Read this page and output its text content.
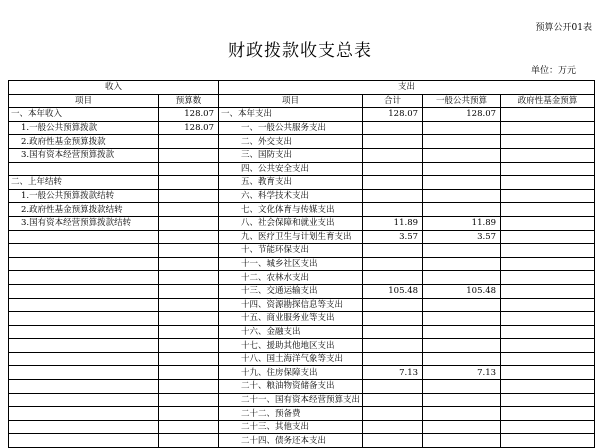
预算公开01表
财政拨款收支总表
单位：万元
收入		支出			
项目	预算数	项目	合计	一般公共预算	政府性基金预算
一、本年收入	128.07	一、本年支出	128.07	128.07	
1.一般公共预算拨款	128.07	一、一般公共服务支出			
2.政府性基金预算拨款		二、外交支出			
3.国有资本经营预算拨款		三、国防支出			
		四、公共安全支出			
二、上年结转		五、教育支出			
1.一般公共预算拨款结转		六、科学技术支出			
2.政府性基金预算拨款结转		七、文化体育与传媒支出			
3.国有资本经营预算拨款结转		八、社会保障和就业支出	11.89	11.89	
		九、医疗卫生与计划生育支出	3.57	3.57	
		十、节能环保支出			
		十一、城乡社区支出			
		十二、农林水支出			
		十三、交通运输支出	105.48	105.48	
		十四、资源勘探信息等支出			
		十五、商业服务业等支出			
		十六、金融支出			
		十七、援助其他地区支出			
		十八、国土海洋气象等支出			
		十九、住房保障支出	7.13	7.13	
		二十、粮油物资储备支出			
		二十一、国有资本经营预算支出			
		二十二、预备费			
		二十三、其他支出			
		二十四、债务还本支出			
